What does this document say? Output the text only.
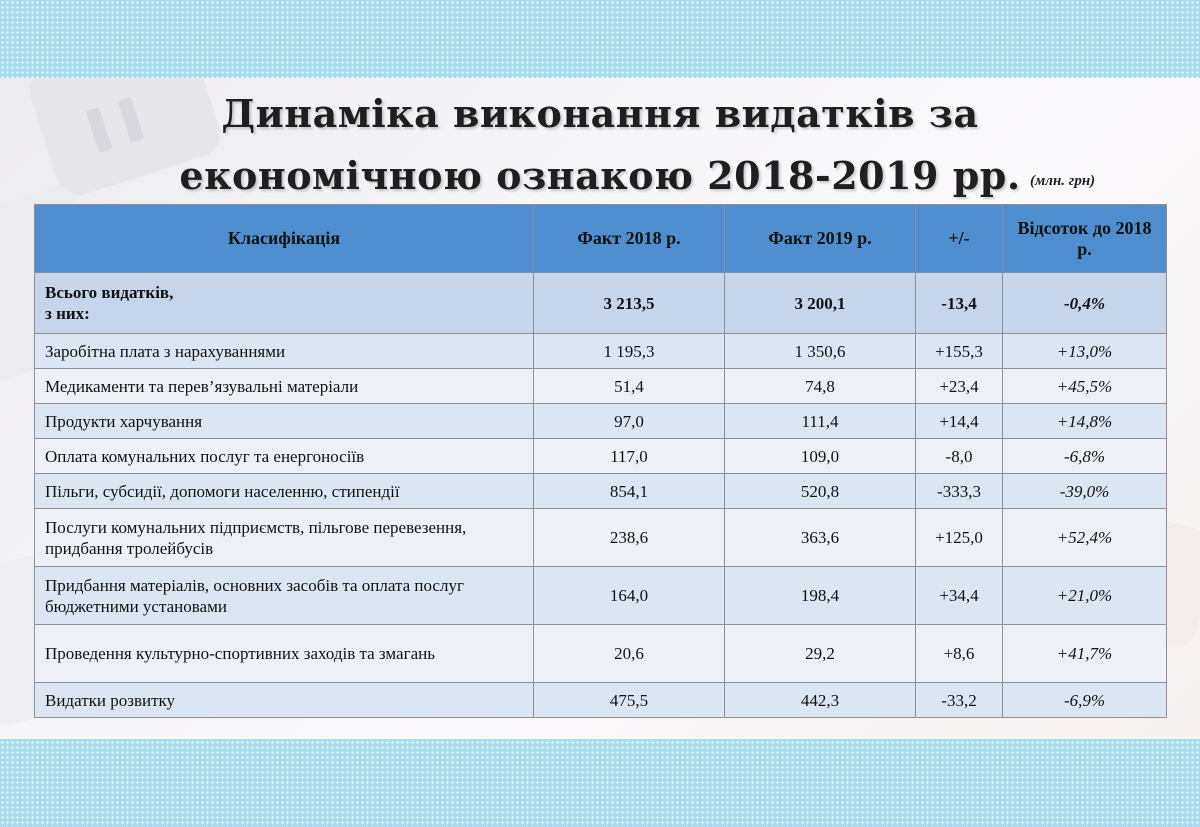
Динаміка виконання видатків за
економічною ознакою 2018-2019 рр. (млн. грн)
Класифікація	Факт 2018 р.	Факт 2019 р.	+/-	Відсоток до 2018 р.
Всього видатків,
з них:	3 213,5	3 200,1	-13,4	-0,4%
Заробітна плата з нарахуваннями	1 195,3	1 350,6	+155,3	+13,0%
Медикаменти та перев’язувальні матеріали	51,4	74,8	+23,4	+45,5%
Продукти харчування	97,0	111,4	+14,4	+14,8%
Оплата комунальних послуг та енергоносіїв	117,0	109,0	-8,0	-6,8%
Пільги, субсидії, допомоги населенню, стипендії	854,1	520,8	-333,3	-39,0%
Послуги комунальних підприємств, пільгове перевезення, придбання тролейбусів	238,6	363,6	+125,0	+52,4%
Придбання матеріалів, основних засобів та оплата послуг бюджетними установами	164,0	198,4	+34,4	+21,0%
Проведення культурно-спортивних заходів та змагань	20,6	29,2	+8,6	+41,7%
Видатки розвитку	475,5	442,3	-33,2	-6,9%
